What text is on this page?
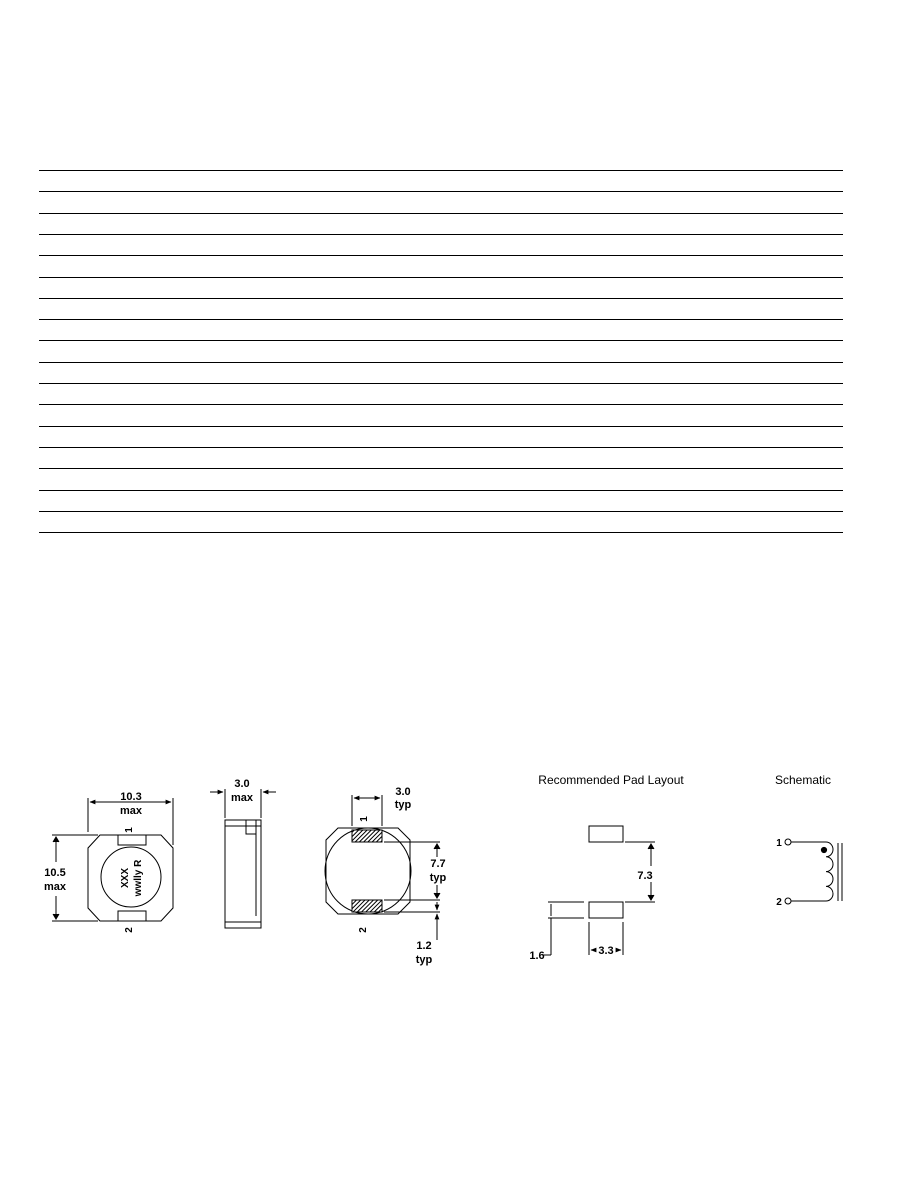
10.3
max
10.5
max
1
2
XXX wwlly R
3.0
max	3.0
typ
7.7
typ
1.2
typ
1
2
Recommended Pad Layout
7.3
3.3
1.6
Schematic
1
2
